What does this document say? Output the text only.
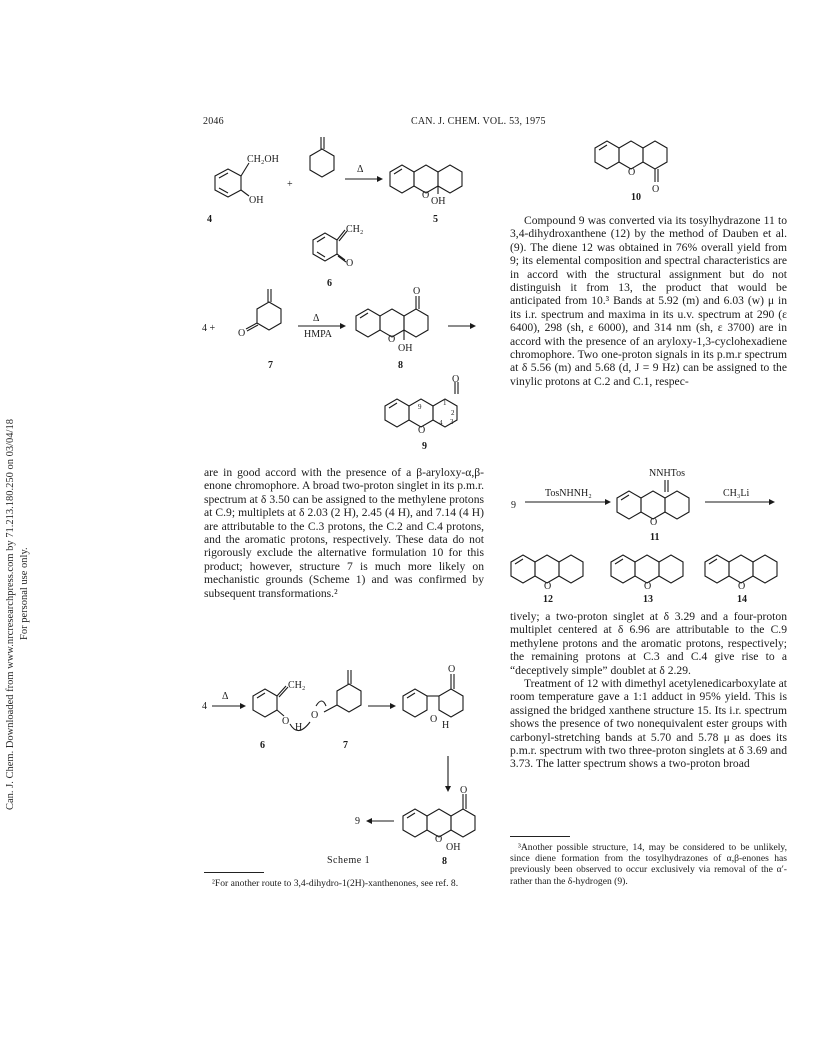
Can. J. Chem. Downloaded from www.nrcresearchpress.com by 71.213.180.250 on 03/04/18 For personal use only.
2046	CAN. J. CHEM. VOL. 53, 1975
CH₂OH
OH
+
Δ
O
OH
4	5
CH₂
O
6
4 + O
Δ
HMPA
O
O
OH
7	8
O
O
9	1
2
3
4
9

are in good accord with the presence of a β-aryloxy-α,β-enone chromophore. A broad two-proton singlet in its p.m.r. spectrum at δ 3.50 can be assigned to the methylene protons at C.9; multiplets at δ 2.03 (2 H), 2.45 (4 H), and 7.14 (4 H) are attributable to the C.3 protons, the C.2 and C.4 protons, and the aromatic protons, respectively. These data do not rigorously exclude the alternative formulation 10 for this product; however, structure 7 is much more likely on mechanistic grounds (Scheme 1) and was confirmed by subsequent transformations.²

4
Δ
CH₂
O
H
O
6	7
O
O
H
O
O
OH
8
9
Scheme 1

²For another route to 3,4-dihydro-1(2H)-xanthenones, see ref. 8.

O
O
10

Compound 9 was converted via its tosylhydrazone 11 to 3,4-dihydroxanthene (12) by the method of Dauben et al. (9). The diene 12 was obtained in 76% overall yield from 9; its elemental composition and spectral characteristics are in accord with the structural assignment but do not distinguish it from 13, the product that would be anticipated from 10.³ Bands at 5.92 (m) and 6.03 (w) μ in its i.r. spectrum and maxima in its u.v. spectrum at 290 (ε 6400), 298 (sh, ε 6000), and 314 nm (sh, ε 3700) are in accord with the presence of an aryloxy-1,3-cyclohexadiene chromophore. Two one-proton signals in its p.m.r spectrum at δ 5.56 (m) and 5.68 (d, J = 9 Hz) can be assigned to the vinylic protons at C.2 and C.1, respec-

9
TosNHNH₂
NNHTos
O
CH₃Li
11
O	O	O
12	13	14

tively; a two-proton singlet at δ 3.29 and a four-proton multiplet centered at δ 6.96 are attributable to the C.9 methylene protons and the aromatic protons, respectively; the remaining protons at C.3 and C.4 give rise to a “deceptively simple” doublet at δ 2.29.

Treatment of 12 with dimethyl acetylenedicarboxylate at room temperature gave a 1:1 adduct in 95% yield. This is assigned the bridged xanthene structure 15. Its i.r. spectrum shows the presence of two nonequivalent ester groups with carbonyl-stretching bands at 5.70 and 5.78 μ as does its p.m.r. spectrum with two three-proton singlets at δ 3.69 and 3.73. The latter spectrum shows a two-proton broad

³Another possible structure, 14, may be considered to be unlikely, since diene formation from the tosylhydrazones of α,β-enones has previously been observed to occur exclusively via removal of the α′- rather than the δ-hydrogen (9).
